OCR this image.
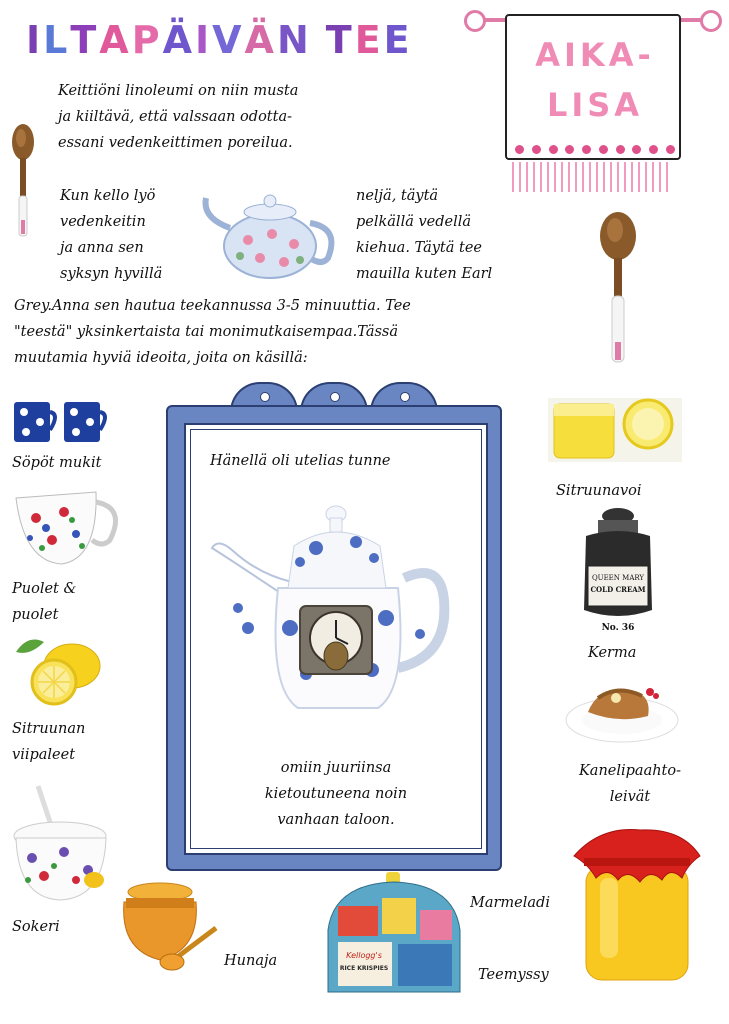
ILTAPÄIVÄN TEE	AIKA-
LISA
Keittiöni linoleumi on niin musta
ja kiiltävä, että valssaan odotta-
essani vedenkeittimen poreilua.
Kun kello lyö
vedenkeitin
ja anna sen
syksyn hyvillä
neljä, täytä
pelkällä vedellä
kiehua. Täytä tee
mauilla kuten Earl
Grey.Anna sen hautua teekannussa 3-5 minuuttia. Tee
"teestä" yksinkertaista tai monimutkaisempaa.Tässä
muutamia hyviä ideoita, joita on käsillä:
Hänellä oli utelias tunne
omiin juuriinsa
kietoutuneena noin
vanhaan taloon.
Söpöt mukit
Puolet &
puolet
Sitruunan
viipaleet
Sokeri
Sitruunavoi
QUEEN MARY
COLD CREAM
No. 36
Kerma
Kanelipaahto-
leivät
Marmeladi
Hunaja	Kellogg's
RICE KRISPIES	Teemyssy
